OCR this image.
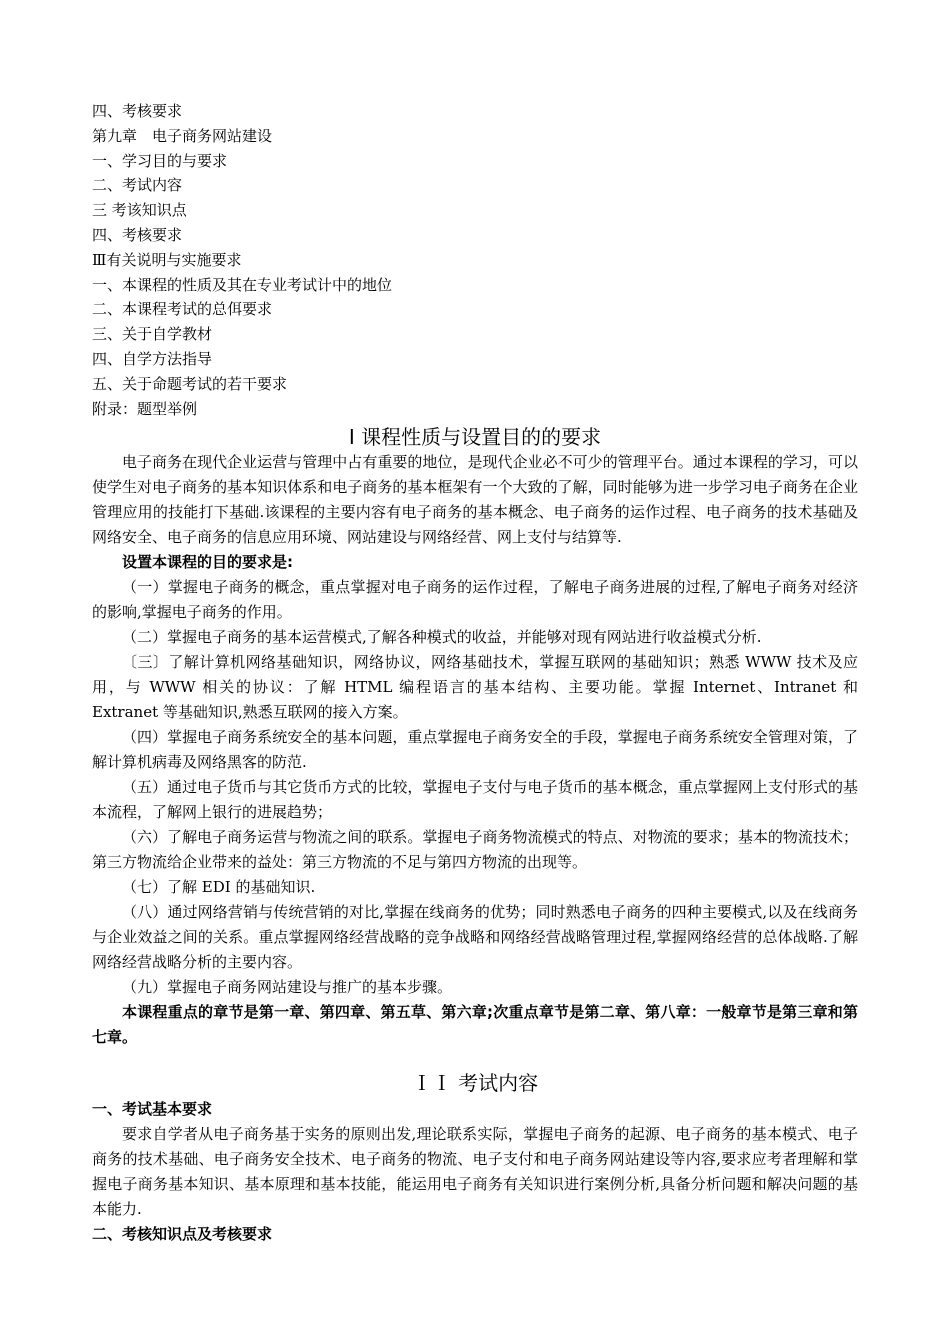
四、考核要求
第九章　电子商务网站建设
一、学习目的与要求
二、考试内容
三 考该知识点
四、考核要求
Ⅲ有关说明与实施要求
一、本课程的性质及其在专业考试计中的地位
二、本课程考试的总佴要求
三、关于自学教材
四、自学方法指导
五、关于命题考试的若干要求
附录：题型举例
Ⅰ 课程性质与设置目的的要求

电子商务在现代企业运营与管理中占有重要的地位，是现代企业必不可少的管理平台。通过本课程的学习，可以使学生对电子商务的基本知识体系和电子商务的基本框架有一个大致的了解，同时能够为进一步学习电子商务在企业管理应用的技能打下基础.该课程的主要内容有电子商务的基本概念、电子商务的运作过程、电子商务的技术基础及网络安全、电子商务的信息应用环境、网站建设与网络经营、网上支付与结算等.

设置本课程的目的要求是:

（一）掌握电子商务的概念，重点掌握对电子商务的运作过程，了解电子商务进展的过程,了解电子商务对经济的影响,掌握电子商务的作用。

（二）掌握电子商务的基本运营模式,了解各种模式的收益，并能够对现有网站进行收益模式分析.

〔三〕了解计算机网络基础知识，网络协议，网络基础技术，掌握互联网的基础知识；熟悉 WWW 技术及应用，与 WWW 相关的协议：了解 HTML 编程语言的基本结构、主要功能。掌握 Internet、Intranet 和 Extranet 等基础知识,熟悉互联网的接入方案。

（四）掌握电子商务系统安全的基本问题，重点掌握电子商务安全的手段，掌握电子商务系统安全管理对策，了解计算机病毒及网络黑客的防范.

（五）通过电子货币与其它货币方式的比较，掌握电子支付与电子货币的基本概念，重点掌握网上支付形式的基本流程，了解网上银行的进展趋势；

（六）了解电子商务运营与物流之间的联系。掌握电子商务物流模式的特点、对物流的要求；基本的物流技术；第三方物流给企业带来的益处：第三方物流的不足与第四方物流的出现等。

（七）了解 EDI 的基础知识.

（八）通过网络营销与传统营销的对比,掌握在线商务的优势；同时熟悉电子商务的四种主要模式,以及在线商务与企业效益之间的关系。重点掌握网络经营战略的竞争战略和网络经营战略管理过程,掌握网络经营的总体战略.了解网络经营战略分析的主要内容。

（九）掌握电子商务网站建设与推广的基本步骤。

本课程重点的章节是第一章、第四章、第五草、第六章;次重点章节是第二章、第八章：一般章节是第三章和第七章。

ＩＩ 考试内容

一、考试基本要求

要求自学者从电子商务基于实务的原则出发,理论联系实际，掌握电子商务的起源、电子商务的基本模式、电子商务的技术基础、电子商务安全技术、电子商务的物流、电子支付和电子商务网站建设等内容,要求应考者理解和掌握电子商务基本知识、基本原理和基本技能，能运用电子商务有关知识进行案例分析,具备分析问题和解决问题的基本能力.

二、考核知识点及考核要求
